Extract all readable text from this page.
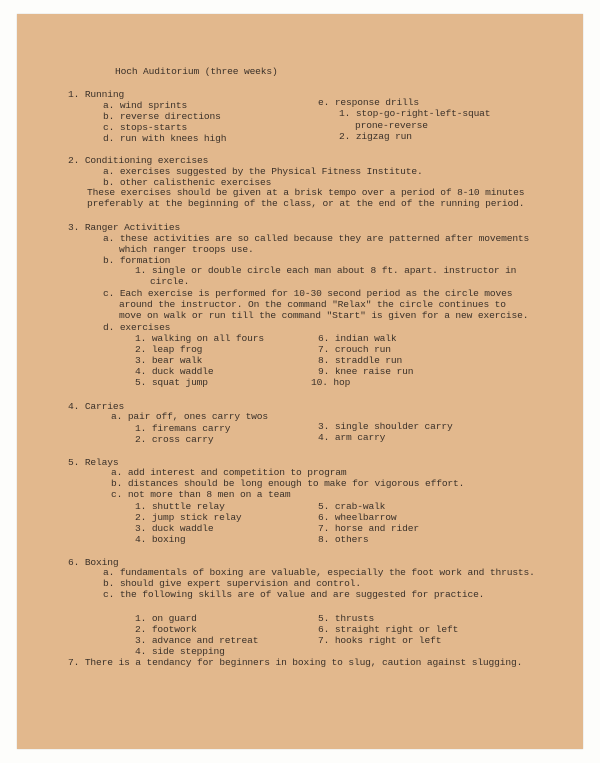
Hoch Auditorium (three weeks)
1. Running
a. wind sprints
b. reverse directions
c. stops-starts
d. run with knees high
e. response drills
1. stop-go-right-left-squat
prone-reverse
2. zigzag run
2. Conditioning exercises
a. exercises suggested by the Physical Fitness Institute.
b. other calisthenic exercises
These exercises should be given at a brisk tempo over a period of 8-10 minutes
preferably at the beginning of the class, or at the end of the running period.
3. Ranger Activities
a. these activities are so called because they are patterned after movements
which ranger troops use.
b. formation
1. single or double circle each man about 8 ft. apart. instructor in
circle.
c. Each exercise is performed for 10-30 second period as the circle moves
around the instructor. On the command "Relax" the circle continues to
move on walk or run till the command "Start" is given for a new exercise.
d. exercises
1. walking on all fours
2. leap frog
3. bear walk
4. duck waddle
5. squat jump
6. indian walk
7. crouch run
8. straddle run
9. knee raise run
10. hop
4. Carries
a. pair off, ones carry twos
1. firemans carry
2. cross carry
3. single shoulder carry
4. arm carry
5. Relays
a. add interest and competition to program
b. distances should be long enough to make for vigorous effort.
c. not more than 8 men on a team
1. shuttle relay
2. jump stick relay
3. duck waddle
4. boxing
5. crab-walk
6. wheelbarrow
7. horse and rider
8. others
6. Boxing
a. fundamentals of boxing are valuable, especially the foot work and thrusts.
b. should give expert supervision and control.
c. the following skills are of value and are suggested for practice.
1. on guard
2. footwork
3. advance and retreat
4. side stepping
5. thrusts
6. straight right or left
7. hooks right or left
7. There is a tendancy for beginners in boxing to slug, caution against slugging.
